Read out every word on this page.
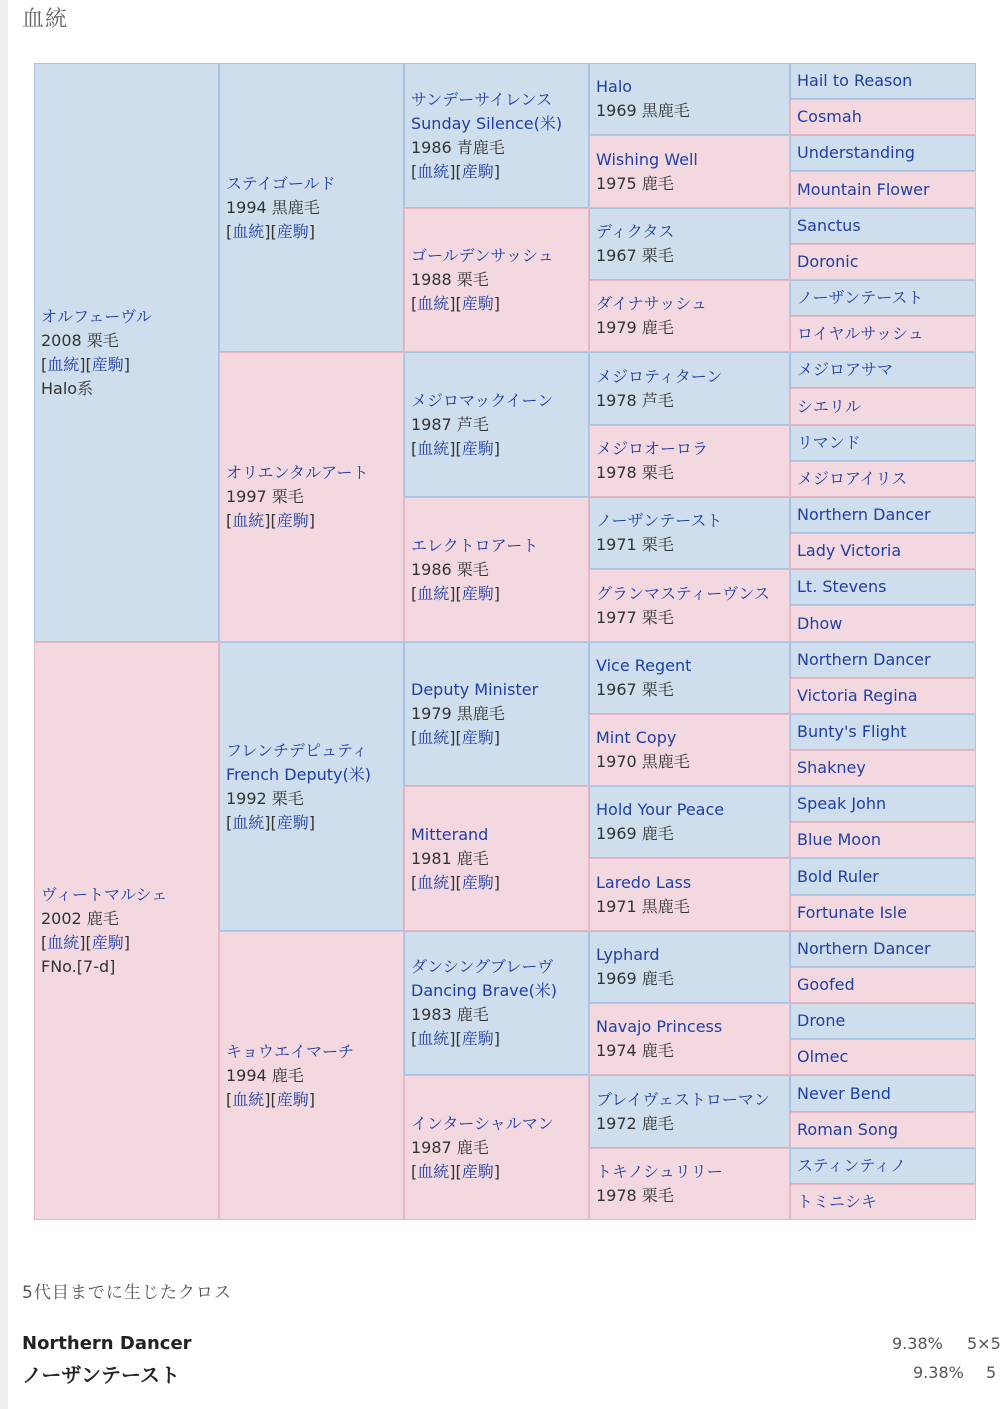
血統
オルフェーヴル
2008 栗毛
[血統][産駒]
Halo系
ヴィートマルシェ
2002 鹿毛
[血統][産駒]
FNo.[7-d]
ステイゴールド
1994 黒鹿毛
[血統][産駒]
オリエンタルアート
1997 栗毛
[血統][産駒]
フレンチデピュティ
French Deputy(米)
1992 栗毛
[血統][産駒]
キョウエイマーチ
1994 鹿毛
[血統][産駒]
サンデーサイレンス
Sunday Silence(米)
1986 青鹿毛
[血統][産駒]
ゴールデンサッシュ
1988 栗毛
[血統][産駒]
メジロマックイーン
1987 芦毛
[血統][産駒]
エレクトロアート
1986 栗毛
[血統][産駒]
Deputy Minister
1979 黒鹿毛
[血統][産駒]
Mitterand
1981 鹿毛
[血統][産駒]
ダンシングブレーヴ
Dancing Brave(米)
1983 鹿毛
[血統][産駒]
インターシャルマン
1987 鹿毛
[血統][産駒]
Halo
1969 黒鹿毛
Wishing Well
1975 鹿毛
ディクタス
1967 栗毛
ダイナサッシュ
1979 鹿毛
メジロティターン
1978 芦毛
メジロオーロラ
1978 栗毛
ノーザンテースト
1971 栗毛
グランマスティーヴンス
1977 栗毛
Vice Regent
1967 栗毛
Mint Copy
1970 黒鹿毛
Hold Your Peace
1969 鹿毛
Laredo Lass
1971 黒鹿毛
Lyphard
1969 鹿毛
Navajo Princess
1974 鹿毛
ブレイヴェストローマン
1972 鹿毛
トキノシュリリー
1978 栗毛
Hail to Reason
Cosmah
Understanding
Mountain Flower
Sanctus
Doronic
ノーザンテースト
ロイヤルサッシュ
メジロアサマ
シエリル
リマンド
メジロアイリス
Northern Dancer
Lady Victoria
Lt. Stevens
Dhow
Northern Dancer
Victoria Regina
Bunty's Flight
Shakney
Speak John
Blue Moon
Bold Ruler
Fortunate Isle
Northern Dancer
Goofed
Drone
Olmec
Never Bend
Roman Song
スティンティノ
トミニシキ
5代目までに生じたクロス
Northern Dancer	9.38% 5×5
ノーザンテースト	9.38% 5
